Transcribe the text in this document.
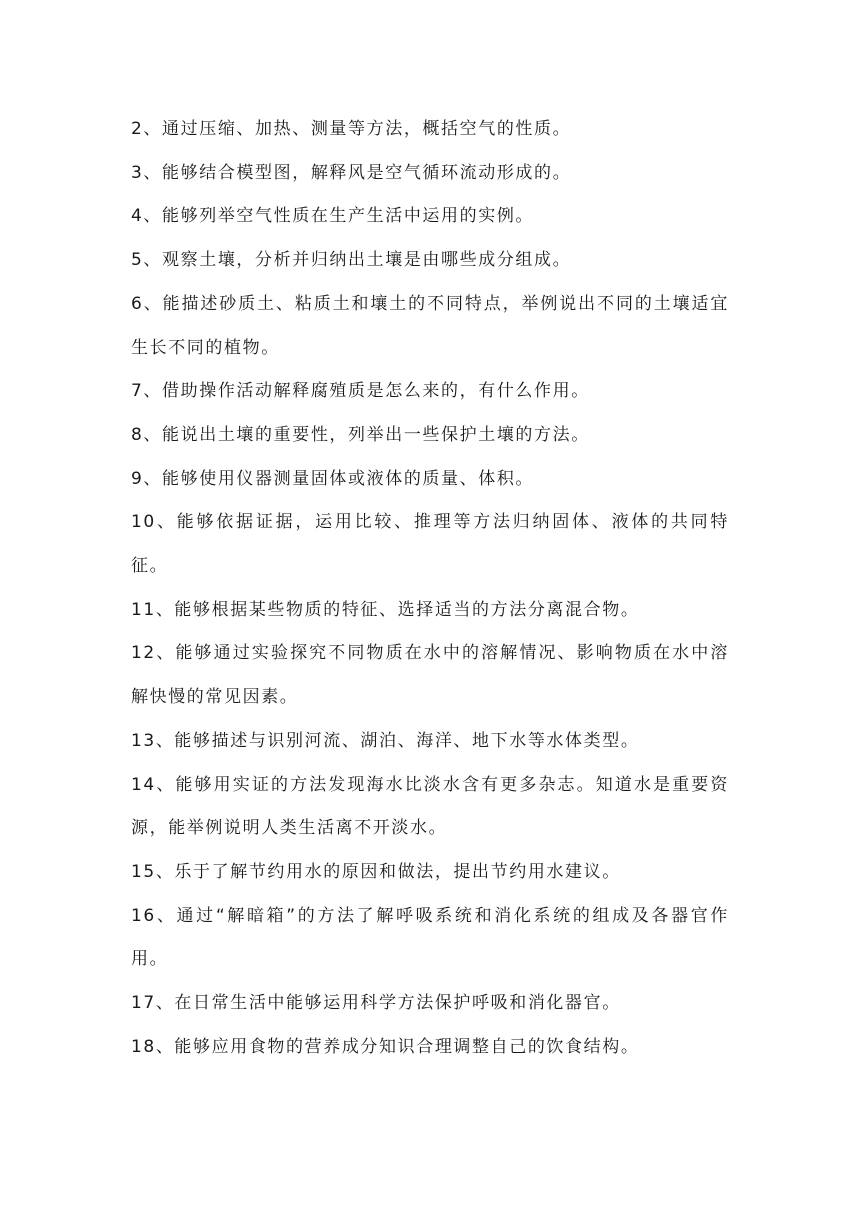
2、通过压缩、加热、测量等方法，概括空气的性质。

3、能够结合模型图，解释风是空气循环流动形成的。

4、能够列举空气性质在生产生活中运用的实例。

5、观察土壤，分析并归纳出土壤是由哪些成分组成。

6、能描述砂质土、粘质土和壤土的不同特点，举例说出不同的土壤适宜生长不同的植物。

7、借助操作活动解释腐殖质是怎么来的，有什么作用。

8、能说出土壤的重要性，列举出一些保护土壤的方法。

9、能够使用仪器测量固体或液体的质量、体积。

10、能够依据证据，运用比较、推理等方法归纳固体、液体的共同特征。

11、能够根据某些物质的特征、选择适当的方法分离混合物。

12、能够通过实验探究不同物质在水中的溶解情况、影响物质在水中溶解快慢的常见因素。

13、能够描述与识别河流、湖泊、海洋、地下水等水体类型。

14、能够用实证的方法发现海水比淡水含有更多杂志。知道水是重要资源，能举例说明人类生活离不开淡水。

15、乐于了解节约用水的原因和做法，提出节约用水建议。

16、通过“解暗箱”的方法了解呼吸系统和消化系统的组成及各器官作用。

17、在日常生活中能够运用科学方法保护呼吸和消化器官。

18、能够应用食物的营养成分知识合理调整自己的饮食结构。
